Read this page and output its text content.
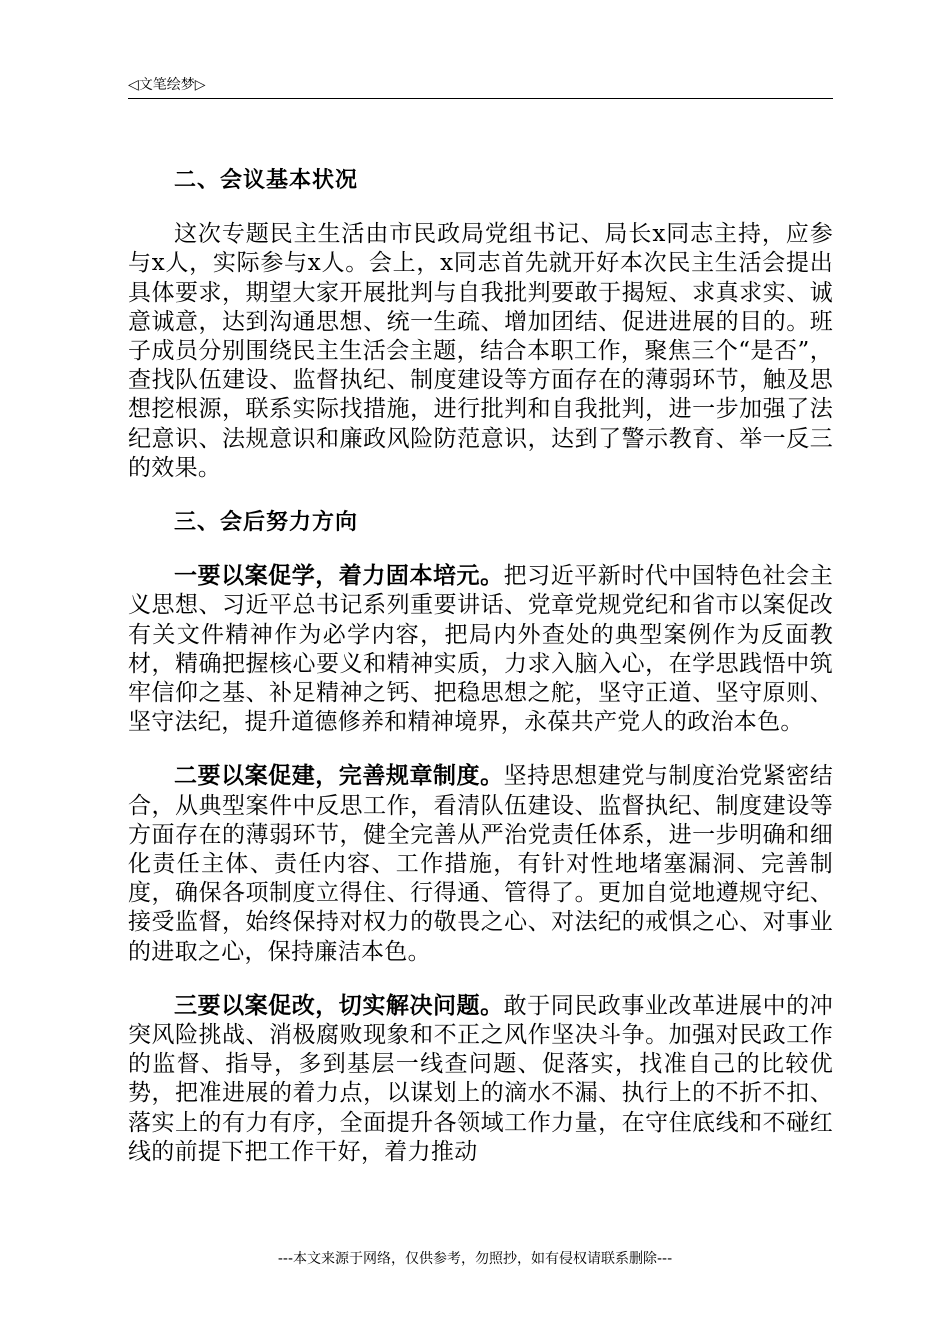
◁文笔绘梦▷

二、会议基本状况

这次专题民主生活由市民政局党组书记、局长x同志主持，应参与x人，实际参与x人。会上，x同志首先就开好本次民主生活会提出具体要求，期望大家开展批判与自我批判要敢于揭短、求真求实、诚意诚意，达到沟通思想、统一生疏、增加团结、促进进展的目的。班子成员分别围绕民主生活会主题，结合本职工作，聚焦三个“是否”，查找队伍建设、监督执纪、制度建设等方面存在的薄弱环节，触及思想挖根源，联系实际找措施，进行批判和自我批判，进一步加强了法纪意识、法规意识和廉政风险防范意识，达到了警示教育、举一反三的效果。

三、会后努力方向

一要以案促学，着力固本培元。把习近平新时代中国特色社会主义思想、习近平总书记系列重要讲话、党章党规党纪和省市以案促改有关文件精神作为必学内容，把局内外查处的典型案例作为反面教材，精确把握核心要义和精神实质，力求入脑入心，在学思践悟中筑牢信仰之基、补足精神之钙、把稳思想之舵，坚守正道、坚守原则、坚守法纪，提升道德修养和精神境界，永葆共产党人的政治本色。

二要以案促建，完善规章制度。坚持思想建党与制度治党紧密结合，从典型案件中反思工作，看清队伍建设、监督执纪、制度建设等方面存在的薄弱环节，健全完善从严治党责任体系，进一步明确和细化责任主体、责任内容、工作措施，有针对性地堵塞漏洞、完善制度，确保各项制度立得住、行得通、管得了。更加自觉地遵规守纪、接受监督，始终保持对权力的敬畏之心、对法纪的戒惧之心、对事业的进取之心，保持廉洁本色。

三要以案促改，切实解决问题。敢于同民政事业改革进展中的冲突风险挑战、消极腐败现象和不正之风作坚决斗争。加强对民政工作的监督、指导，多到基层一线查问题、促落实，找准自己的比较优势，把准进展的着力点，以谋划上的滴水不漏、执行上的不折不扣、落实上的有力有序，全面提升各领域工作力量，在守住底线和不碰红线的前提下把工作干好，着力推动

---本文来源于网络，仅供参考，勿照抄，如有侵权请联系删除---
